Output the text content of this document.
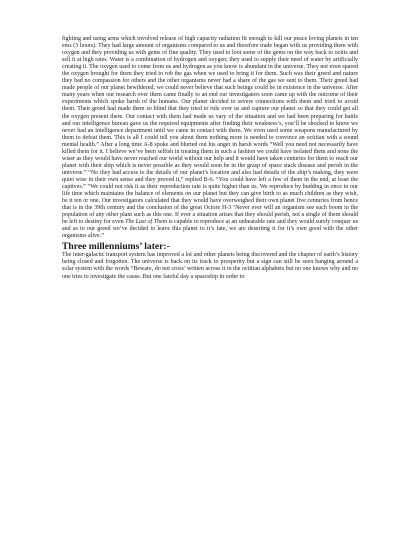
fighting and using arms which involved release of high capacity radiation fit enough to kill our peace loving planets in ten ems (3 hours). They had large amount of organisms compared to us and therefore trade began with us providing them with oxygen and they providing us with gems of fine quality. They used to loot some of the gems on the way back to octits and sell it at high rates. Water is a combination of hydrogen and oxygen; they used to supply their need of water by artificially creating it. The oxygen used to come from us and hydrogen as you know is abundant in the universe. They not even spared the oxygen brought for them they tried to rob the gas when we used to bring it for them. Such was their greed and nature they had no compassion for others and the other organisms never had a share of the gas we sent to them. Their greed had made people of our planet bewildered; we could never believe that such beings could be in existence in the universe. After many years when our research over them came finally to an end our investigators soon came up with the outcome of their experiments which spoke harsh of the humans. Our planet decided to severe connections with them and tried to avoid them. Their greed had made them so blind that they tried to rule over us and capture our planet so that they could get all the oxygen present there. Our contact with them had made us vary of the situation and we had been preparing for battle and our intelligence bureau gave us the required equipments after finding their weakness’s, you’ll be shocked to know we never had an intelligence department until we came in contact with them. We even used some weapons manufactured by them to defeat them. This is all I could tell you about them nothing more is needed to convince an octitian with a sound mental health.” After a long time A-8 spoke and blurted out his anger in harsh words “Well you need not necessarily have killed them for it. I believe we’ve been selfish in treating them in such a fashion we could have isolated them and none the wiser as they would have never reached our world without our help and it would have taken centuries for them to reach our planet with their ship which is never possible as they would soon be in the grasp of space stack disease and perish in the universe.” “No they had access to the details of our planet’s location and also had details of the ship’s making, they were quiet wise in their own sense and they proved it,” replied B-6. “You could have left a few of them in the end, at least the captives.” “We could not risk it as their reproduction rate is quite higher than us. We reproduce by budding in once in our life time which maintains the balance of elements on our planet but they can give birth to as much children as they wish, be it ten or one. Our investigators calculated that they would have overweighed their own planet five centuries from hence that is in the 39th century and the conclusion of the great Octore H-3 ‘Never ever will an organism see such boom in the population of any other plant such as this one. If ever a situation arises that they should perish, not a single of them should be left to destiny for even The Last of Them is capable to reproduce at an unbearable rate and they would surely conquer us and as to our greed we’ve decided to leave this planet to it’s fate, we are deserting it for it’s own good with the other organisms alive.”

Three millenniums’ later:-

The inter-galactic transport system has improved a lot and other planets being discovered and the chapter of earth’s history being closed and forgotten. The universe is back on its track to prosperity but a sign can still be seen hanging around a solar system with the words “Beware, do not cross’ written across it in the octitian alphabets but no one knows why and no one tries to investigate the cause. But one fateful day a spaceship in order to
